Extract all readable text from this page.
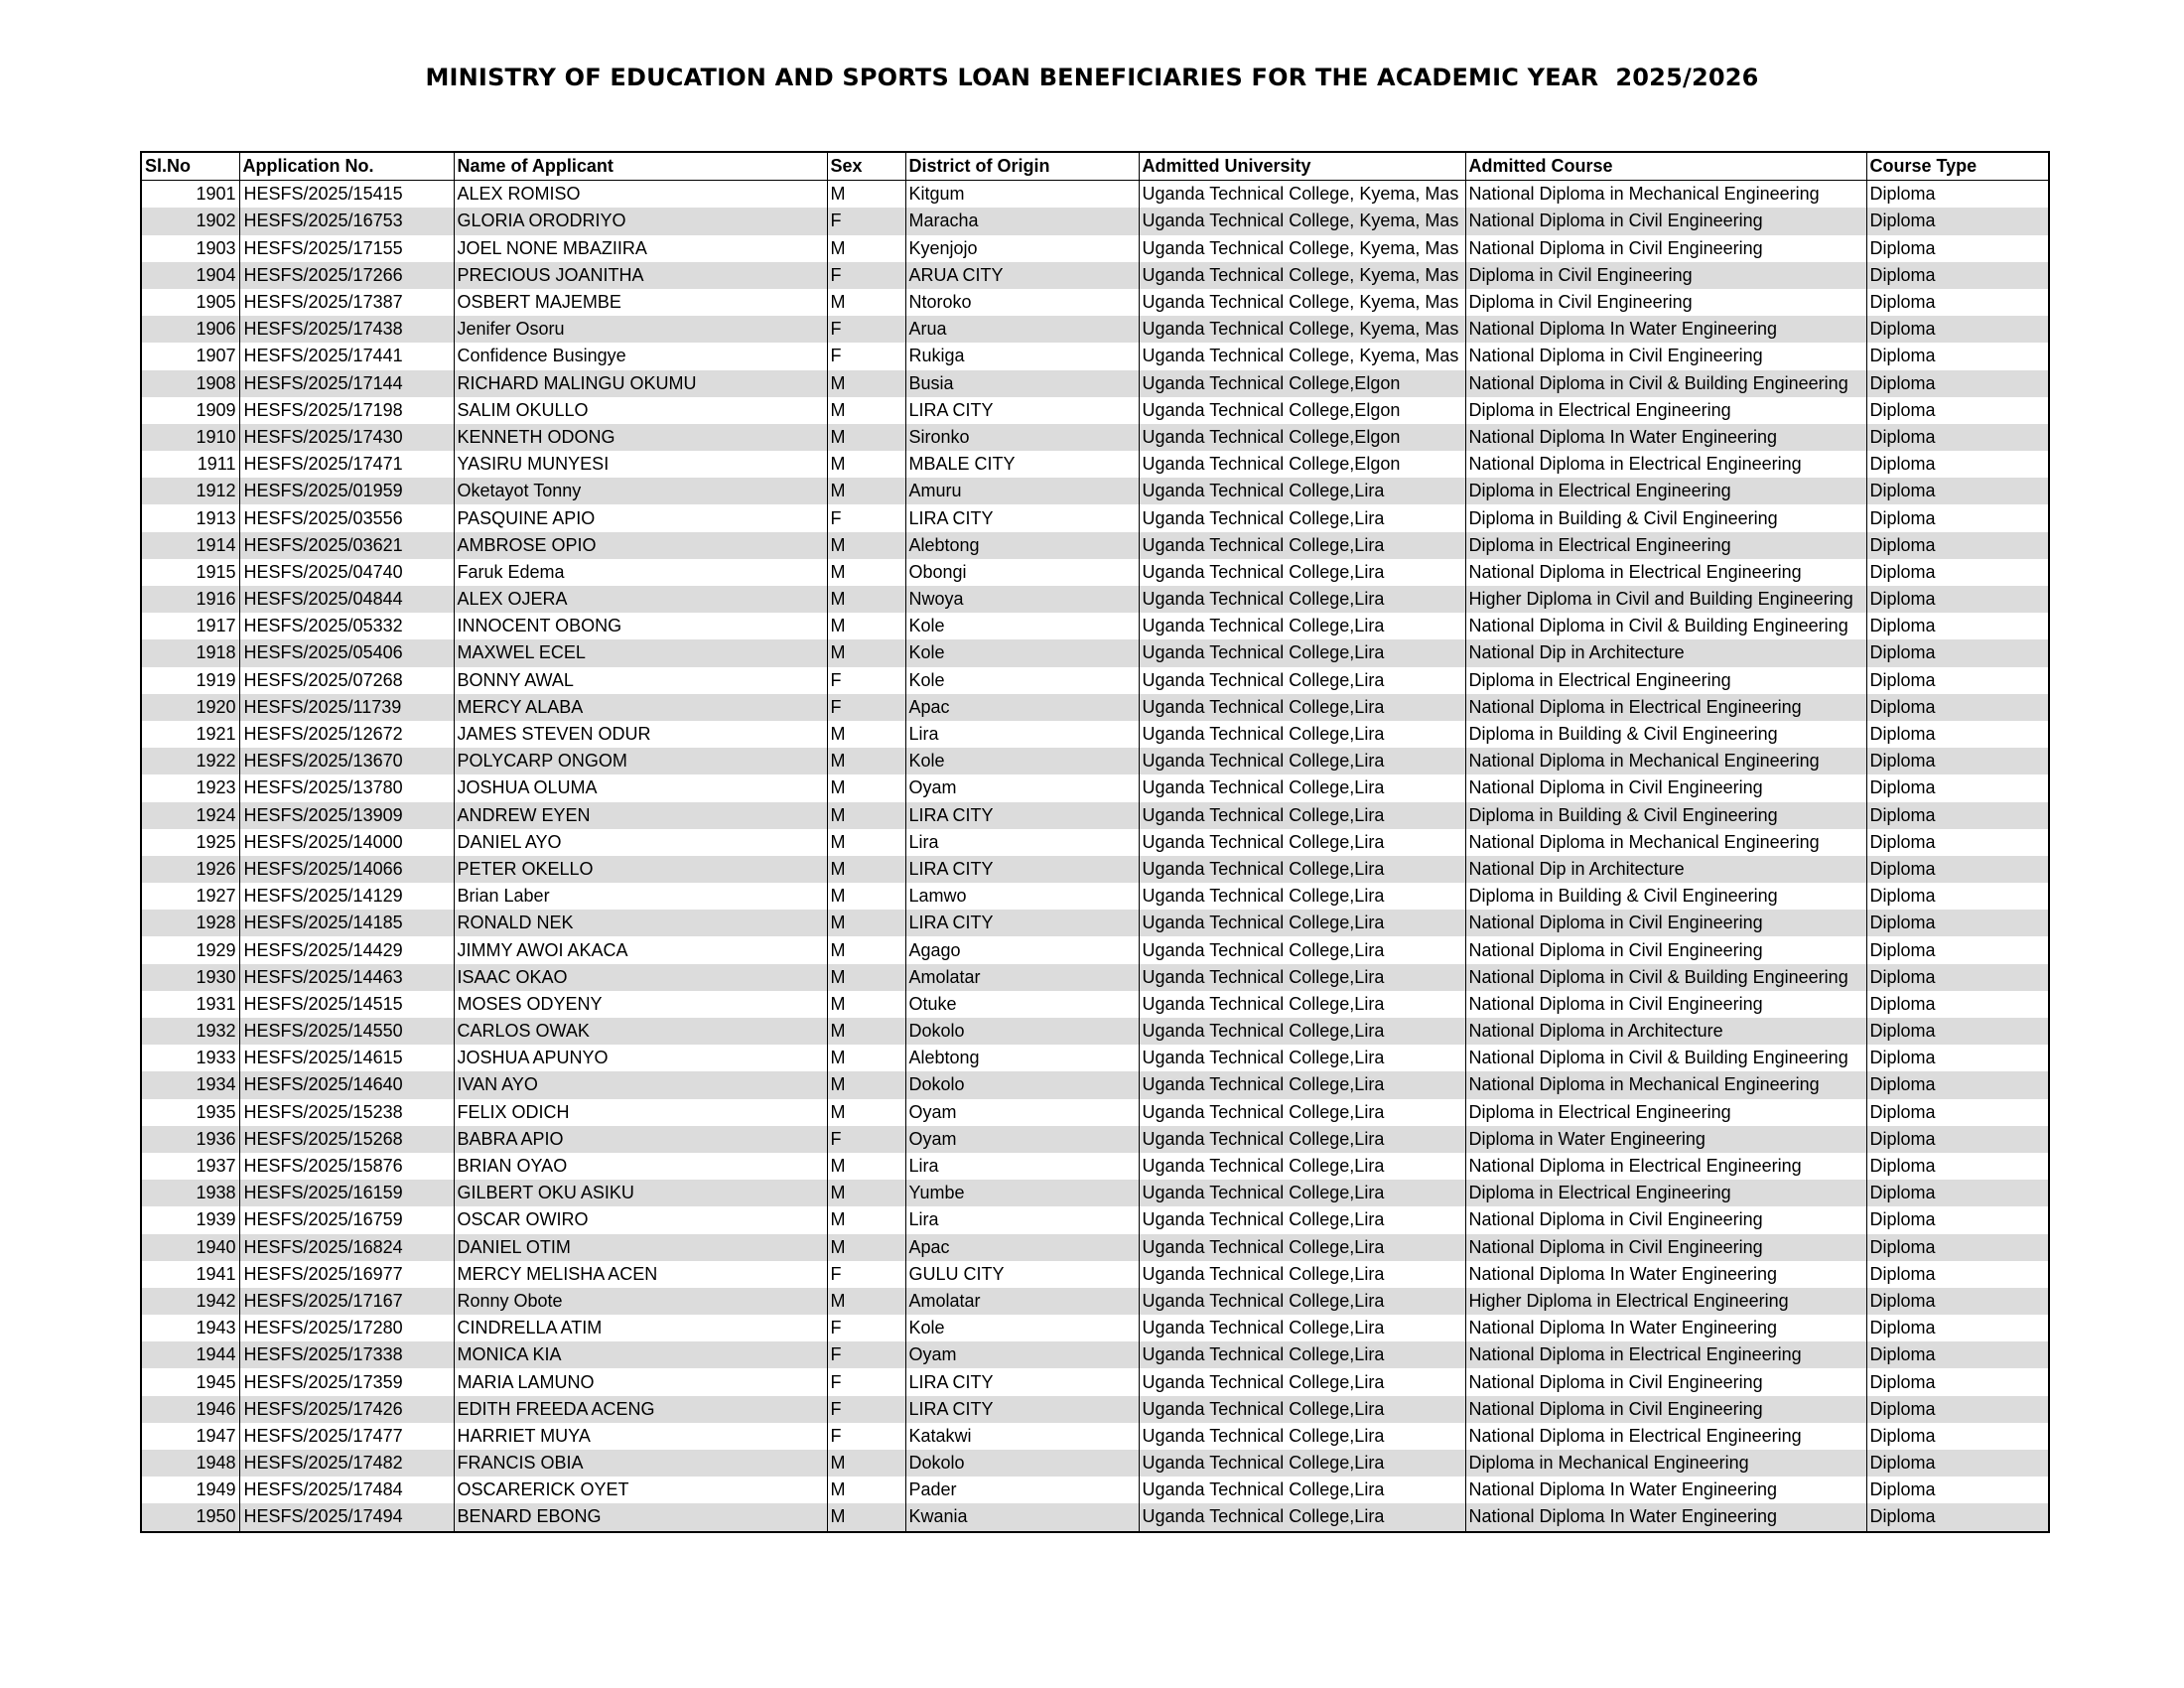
MINISTRY OF EDUCATION AND SPORTS LOAN BENEFICIARIES FOR THE ACADEMIC YEAR  2025/2026
Sl.No	Application No.	Name of Applicant	Sex	District of Origin	Admitted University	Admitted Course	Course Type
1901	HESFS/2025/15415	ALEX ROMISO	M	Kitgum	Uganda Technical College, Kyema, Mas	National Diploma in Mechanical Engineering	Diploma
1902	HESFS/2025/16753	GLORIA ORODRIYO	F	Maracha	Uganda Technical College, Kyema, Mas	National Diploma in Civil Engineering	Diploma
1903	HESFS/2025/17155	JOEL NONE MBAZIIRA	M	Kyenjojo	Uganda Technical College, Kyema, Mas	National Diploma in Civil Engineering	Diploma
1904	HESFS/2025/17266	PRECIOUS JOANITHA	F	ARUA CITY	Uganda Technical College, Kyema, Mas	Diploma in Civil Engineering	Diploma
1905	HESFS/2025/17387	OSBERT MAJEMBE	M	Ntoroko	Uganda Technical College, Kyema, Mas	Diploma in Civil Engineering	Diploma
1906	HESFS/2025/17438	Jenifer Osoru	F	Arua	Uganda Technical College, Kyema, Mas	National Diploma In Water Engineering	Diploma
1907	HESFS/2025/17441	Confidence Busingye	F	Rukiga	Uganda Technical College, Kyema, Mas	National Diploma in Civil Engineering	Diploma
1908	HESFS/2025/17144	RICHARD MALINGU OKUMU	M	Busia	Uganda Technical College,Elgon	National Diploma in Civil & Building Engineering	Diploma
1909	HESFS/2025/17198	SALIM OKULLO	M	LIRA CITY	Uganda Technical College,Elgon	Diploma in Electrical Engineering	Diploma
1910	HESFS/2025/17430	KENNETH ODONG	M	Sironko	Uganda Technical College,Elgon	National Diploma In Water Engineering	Diploma
1911	HESFS/2025/17471	YASIRU MUNYESI	M	MBALE CITY	Uganda Technical College,Elgon	National Diploma in Electrical Engineering	Diploma
1912	HESFS/2025/01959	Oketayot Tonny	M	Amuru	Uganda Technical College,Lira	Diploma in Electrical Engineering	Diploma
1913	HESFS/2025/03556	PASQUINE APIO	F	LIRA CITY	Uganda Technical College,Lira	Diploma in Building & Civil Engineering	Diploma
1914	HESFS/2025/03621	AMBROSE OPIO	M	Alebtong	Uganda Technical College,Lira	Diploma in Electrical Engineering	Diploma
1915	HESFS/2025/04740	Faruk Edema	M	Obongi	Uganda Technical College,Lira	National Diploma in Electrical Engineering	Diploma
1916	HESFS/2025/04844	ALEX OJERA	M	Nwoya	Uganda Technical College,Lira	Higher Diploma in Civil and Building Engineering	Diploma
1917	HESFS/2025/05332	INNOCENT OBONG	M	Kole	Uganda Technical College,Lira	National Diploma in Civil & Building Engineering	Diploma
1918	HESFS/2025/05406	MAXWEL ECEL	M	Kole	Uganda Technical College,Lira	National Dip in Architecture	Diploma
1919	HESFS/2025/07268	BONNY AWAL	F	Kole	Uganda Technical College,Lira	Diploma in Electrical Engineering	Diploma
1920	HESFS/2025/11739	MERCY ALABA	F	Apac	Uganda Technical College,Lira	National Diploma in Electrical Engineering	Diploma
1921	HESFS/2025/12672	JAMES STEVEN ODUR	M	Lira	Uganda Technical College,Lira	Diploma in Building & Civil Engineering	Diploma
1922	HESFS/2025/13670	POLYCARP ONGOM	M	Kole	Uganda Technical College,Lira	National Diploma in Mechanical Engineering	Diploma
1923	HESFS/2025/13780	JOSHUA OLUMA	M	Oyam	Uganda Technical College,Lira	National Diploma in Civil Engineering	Diploma
1924	HESFS/2025/13909	ANDREW EYEN	M	LIRA CITY	Uganda Technical College,Lira	Diploma in Building & Civil Engineering	Diploma
1925	HESFS/2025/14000	DANIEL AYO	M	Lira	Uganda Technical College,Lira	National Diploma in Mechanical Engineering	Diploma
1926	HESFS/2025/14066	PETER OKELLO	M	LIRA CITY	Uganda Technical College,Lira	National Dip in Architecture	Diploma
1927	HESFS/2025/14129	Brian Laber	M	Lamwo	Uganda Technical College,Lira	Diploma in Building & Civil Engineering	Diploma
1928	HESFS/2025/14185	RONALD NEK	M	LIRA CITY	Uganda Technical College,Lira	National Diploma in Civil Engineering	Diploma
1929	HESFS/2025/14429	JIMMY AWOI AKACA	M	Agago	Uganda Technical College,Lira	National Diploma in Civil Engineering	Diploma
1930	HESFS/2025/14463	ISAAC OKAO	M	Amolatar	Uganda Technical College,Lira	National Diploma in Civil & Building Engineering	Diploma
1931	HESFS/2025/14515	MOSES ODYENY	M	Otuke	Uganda Technical College,Lira	National Diploma in Civil Engineering	Diploma
1932	HESFS/2025/14550	CARLOS OWAK	M	Dokolo	Uganda Technical College,Lira	National Diploma in Architecture	Diploma
1933	HESFS/2025/14615	JOSHUA APUNYO	M	Alebtong	Uganda Technical College,Lira	National Diploma in Civil & Building Engineering	Diploma
1934	HESFS/2025/14640	IVAN AYO	M	Dokolo	Uganda Technical College,Lira	National Diploma in Mechanical Engineering	Diploma
1935	HESFS/2025/15238	FELIX ODICH	M	Oyam	Uganda Technical College,Lira	Diploma in Electrical Engineering	Diploma
1936	HESFS/2025/15268	BABRA APIO	F	Oyam	Uganda Technical College,Lira	Diploma in Water Engineering	Diploma
1937	HESFS/2025/15876	BRIAN OYAO	M	Lira	Uganda Technical College,Lira	National Diploma in Electrical Engineering	Diploma
1938	HESFS/2025/16159	GILBERT OKU ASIKU	M	Yumbe	Uganda Technical College,Lira	Diploma in Electrical Engineering	Diploma
1939	HESFS/2025/16759	OSCAR OWIRO	M	Lira	Uganda Technical College,Lira	National Diploma in Civil Engineering	Diploma
1940	HESFS/2025/16824	DANIEL OTIM	M	Apac	Uganda Technical College,Lira	National Diploma in Civil Engineering	Diploma
1941	HESFS/2025/16977	MERCY MELISHA ACEN	F	GULU CITY	Uganda Technical College,Lira	National Diploma In Water Engineering	Diploma
1942	HESFS/2025/17167	Ronny Obote	M	Amolatar	Uganda Technical College,Lira	Higher Diploma in Electrical Engineering	Diploma
1943	HESFS/2025/17280	CINDRELLA ATIM	F	Kole	Uganda Technical College,Lira	National Diploma In Water Engineering	Diploma
1944	HESFS/2025/17338	MONICA KIA	F	Oyam	Uganda Technical College,Lira	National Diploma in Electrical Engineering	Diploma
1945	HESFS/2025/17359	MARIA LAMUNO	F	LIRA CITY	Uganda Technical College,Lira	National Diploma in Civil Engineering	Diploma
1946	HESFS/2025/17426	EDITH FREEDA ACENG	F	LIRA CITY	Uganda Technical College,Lira	National Diploma in Civil Engineering	Diploma
1947	HESFS/2025/17477	HARRIET MUYA	F	Katakwi	Uganda Technical College,Lira	National Diploma in Electrical Engineering	Diploma
1948	HESFS/2025/17482	FRANCIS OBIA	M	Dokolo	Uganda Technical College,Lira	Diploma in Mechanical Engineering	Diploma
1949	HESFS/2025/17484	OSCARERICK OYET	M	Pader	Uganda Technical College,Lira	National Diploma In Water Engineering	Diploma
1950	HESFS/2025/17494	BENARD EBONG	M	Kwania	Uganda Technical College,Lira	National Diploma In Water Engineering	Diploma
